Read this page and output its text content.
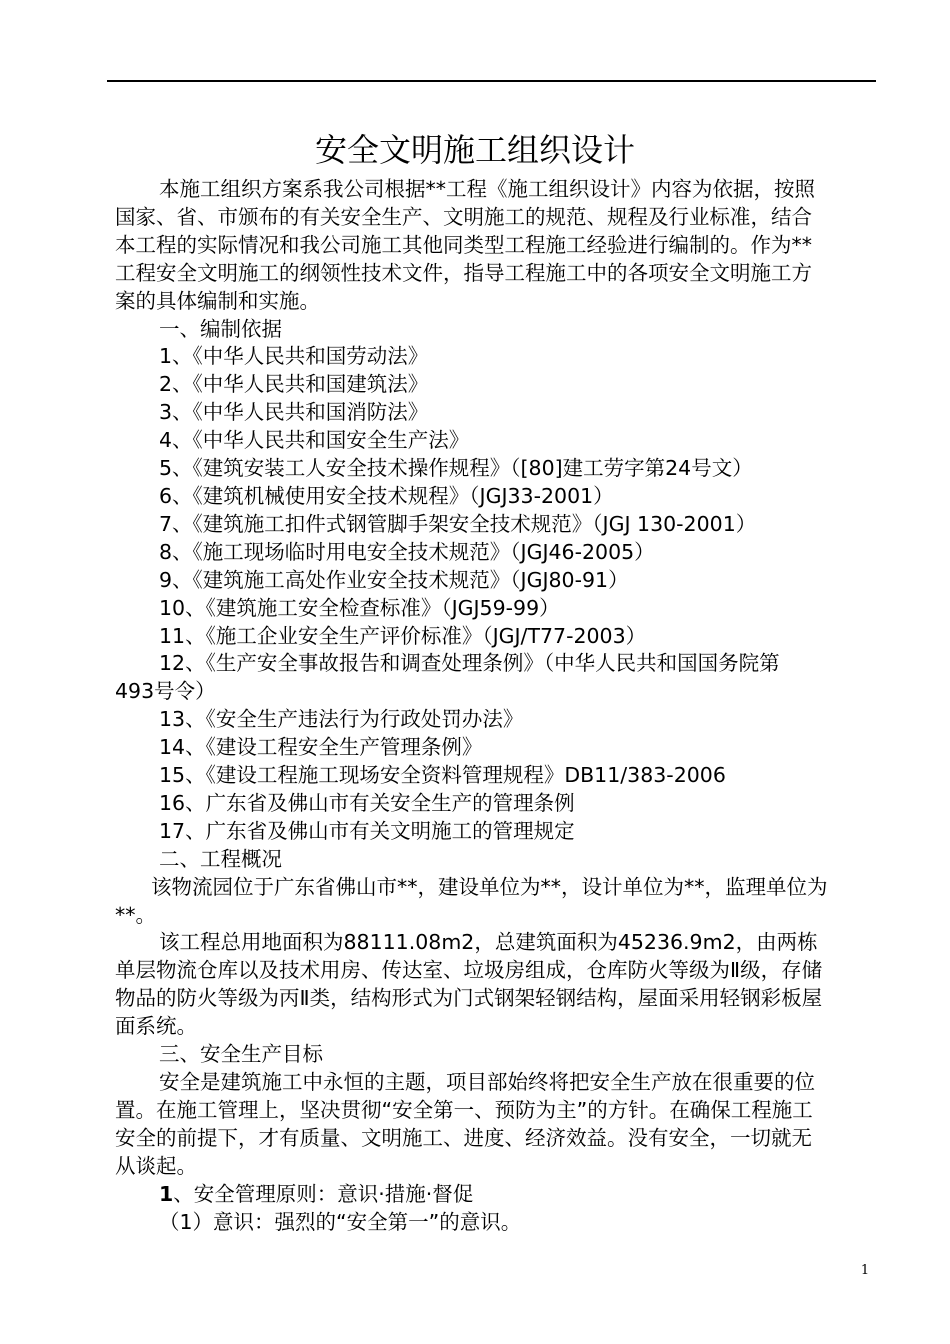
安全文明施工组织设计

本施工组织方案系我公司根据**工程《施工组织设计》内容为依据，按照

国家、省、市颁布的有关安全生产、文明施工的规范、规程及行业标准，结合

本工程的实际情况和我公司施工其他同类型工程施工经验进行编制的。作为**

工程安全文明施工的纲领性技术文件，指导工程施工中的各项安全文明施工方

案的具体编制和实施。

一、编制依据

1、《中华人民共和国劳动法》

2、《中华人民共和国建筑法》

3、《中华人民共和国消防法》

4、《中华人民共和国安全生产法》

5、《建筑安装工人安全技术操作规程》（[80]建工劳字第24号文）

6、《建筑机械使用安全技术规程》（JGJ33-2001）

7、《建筑施工扣件式钢管脚手架安全技术规范》（JGJ 130-2001）

8、《施工现场临时用电安全技术规范》（JGJ46-2005）

9、《建筑施工高处作业安全技术规范》（JGJ80-91）

10、《建筑施工安全检查标准》（JGJ59-99）

11、《施工企业安全生产评价标准》（JGJ/T77-2003）

12、《生产安全事故报告和调查处理条例》（中华人民共和国国务院第

493号令）

13、《安全生产违法行为行政处罚办法》

14、《建设工程安全生产管理条例》

15、《建设工程施工现场安全资料管理规程》DB11/383-2006

16、广东省及佛山市有关安全生产的管理条例

17、广东省及佛山市有关文明施工的管理规定

二、工程概况

该物流园位于广东省佛山市**，建设单位为**，设计单位为**，监理单位为

**。

该工程总用地面积为88111.08m2，总建筑面积为45236.9m2，由两栋

单层物流仓库以及技术用房、传达室、垃圾房组成，仓库防火等级为Ⅱ级，存储

物品的防火等级为丙Ⅱ类，结构形式为门式钢架轻钢结构，屋面采用轻钢彩板屋

面系统。

三、安全生产目标

安全是建筑施工中永恒的主题，项目部始终将把安全生产放在很重要的位

置。在施工管理上，坚决贯彻“安全第一、预防为主”的方针。在确保工程施工

安全的前提下，才有质量、文明施工、进度、经济效益。没有安全，一切就无

从谈起。

1、安全管理原则：意识·措施·督促

（1）意识：强烈的“安全第一”的意识。

1
